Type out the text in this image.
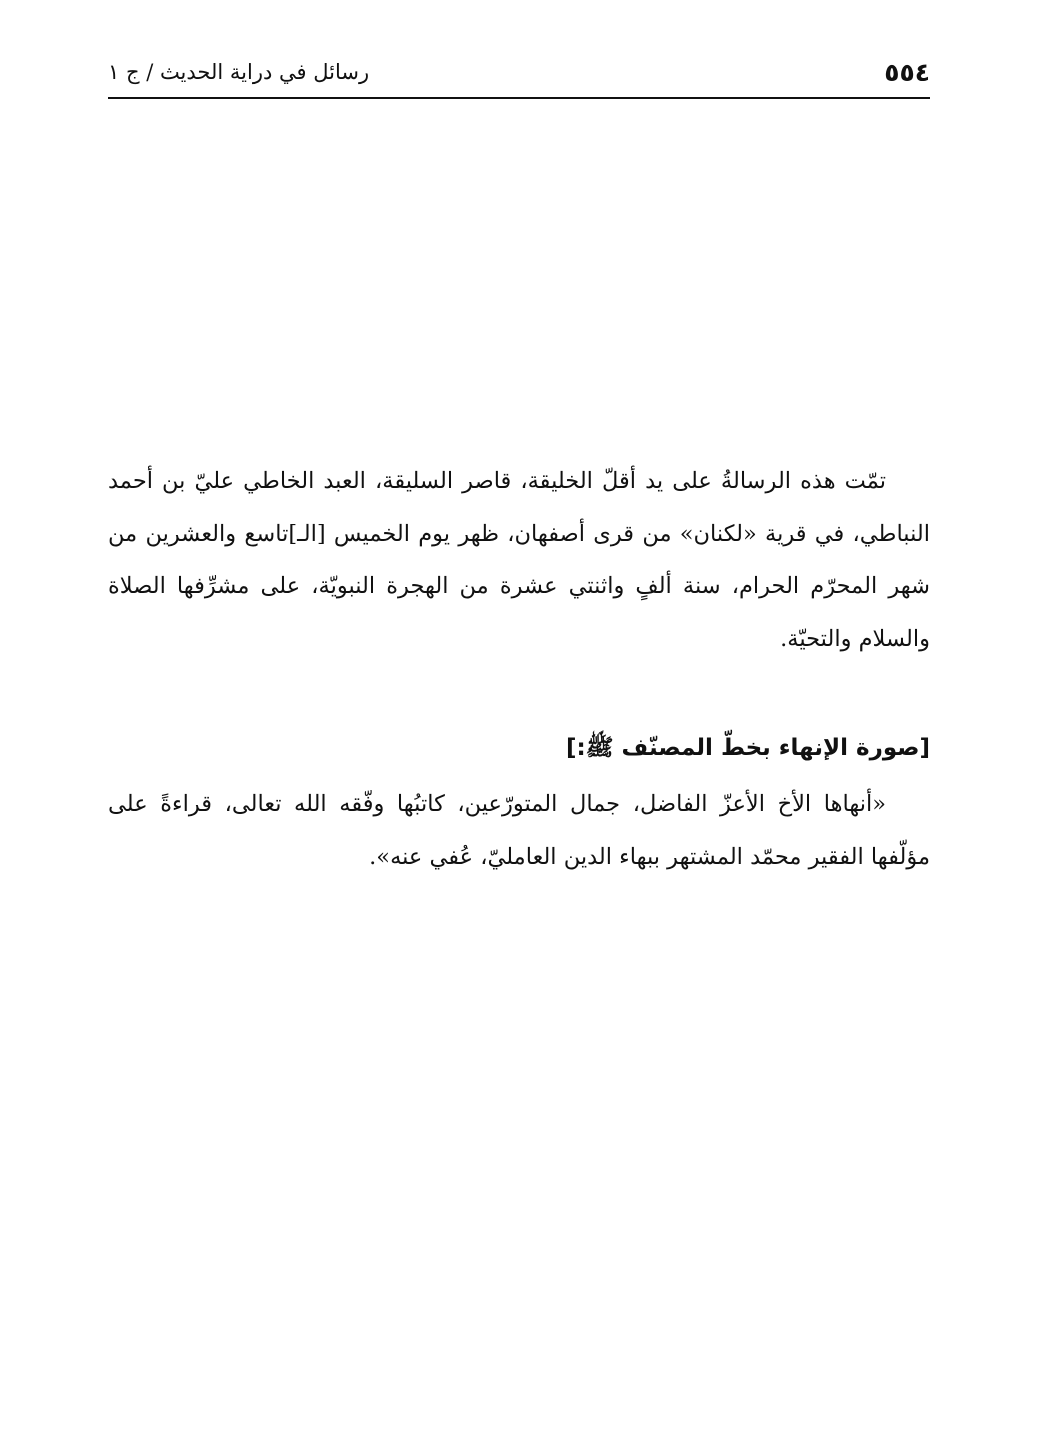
٥٥٤
رسائل في دراية الحديث / ج ١

تمّت هذه الرسالةُ على يد أقلّ الخليقة، قاصر السليقة، العبد الخاطي عليّ بن أحمد النباطي، في قرية «لكنان» من قرى أصفهان، ظهر يوم الخميس [الـ]تاسع والعشرين من شهر المحرّم الحرام، سنة ألفٍ واثنتي عشرة من الهجرة النبويّة، على مشرِّفها الصلاة والسلام والتحيّة.

[صورة الإنهاء بخطّ المصنّف ﷺ:]

«أنهاها الأخ الأعزّ الفاضل، جمال المتورّعين، كاتبُها وفّقه الله تعالى، قراءةً على مؤلّفها الفقير محمّد المشتهر ببهاء الدين العامليّ، عُفي عنه».
